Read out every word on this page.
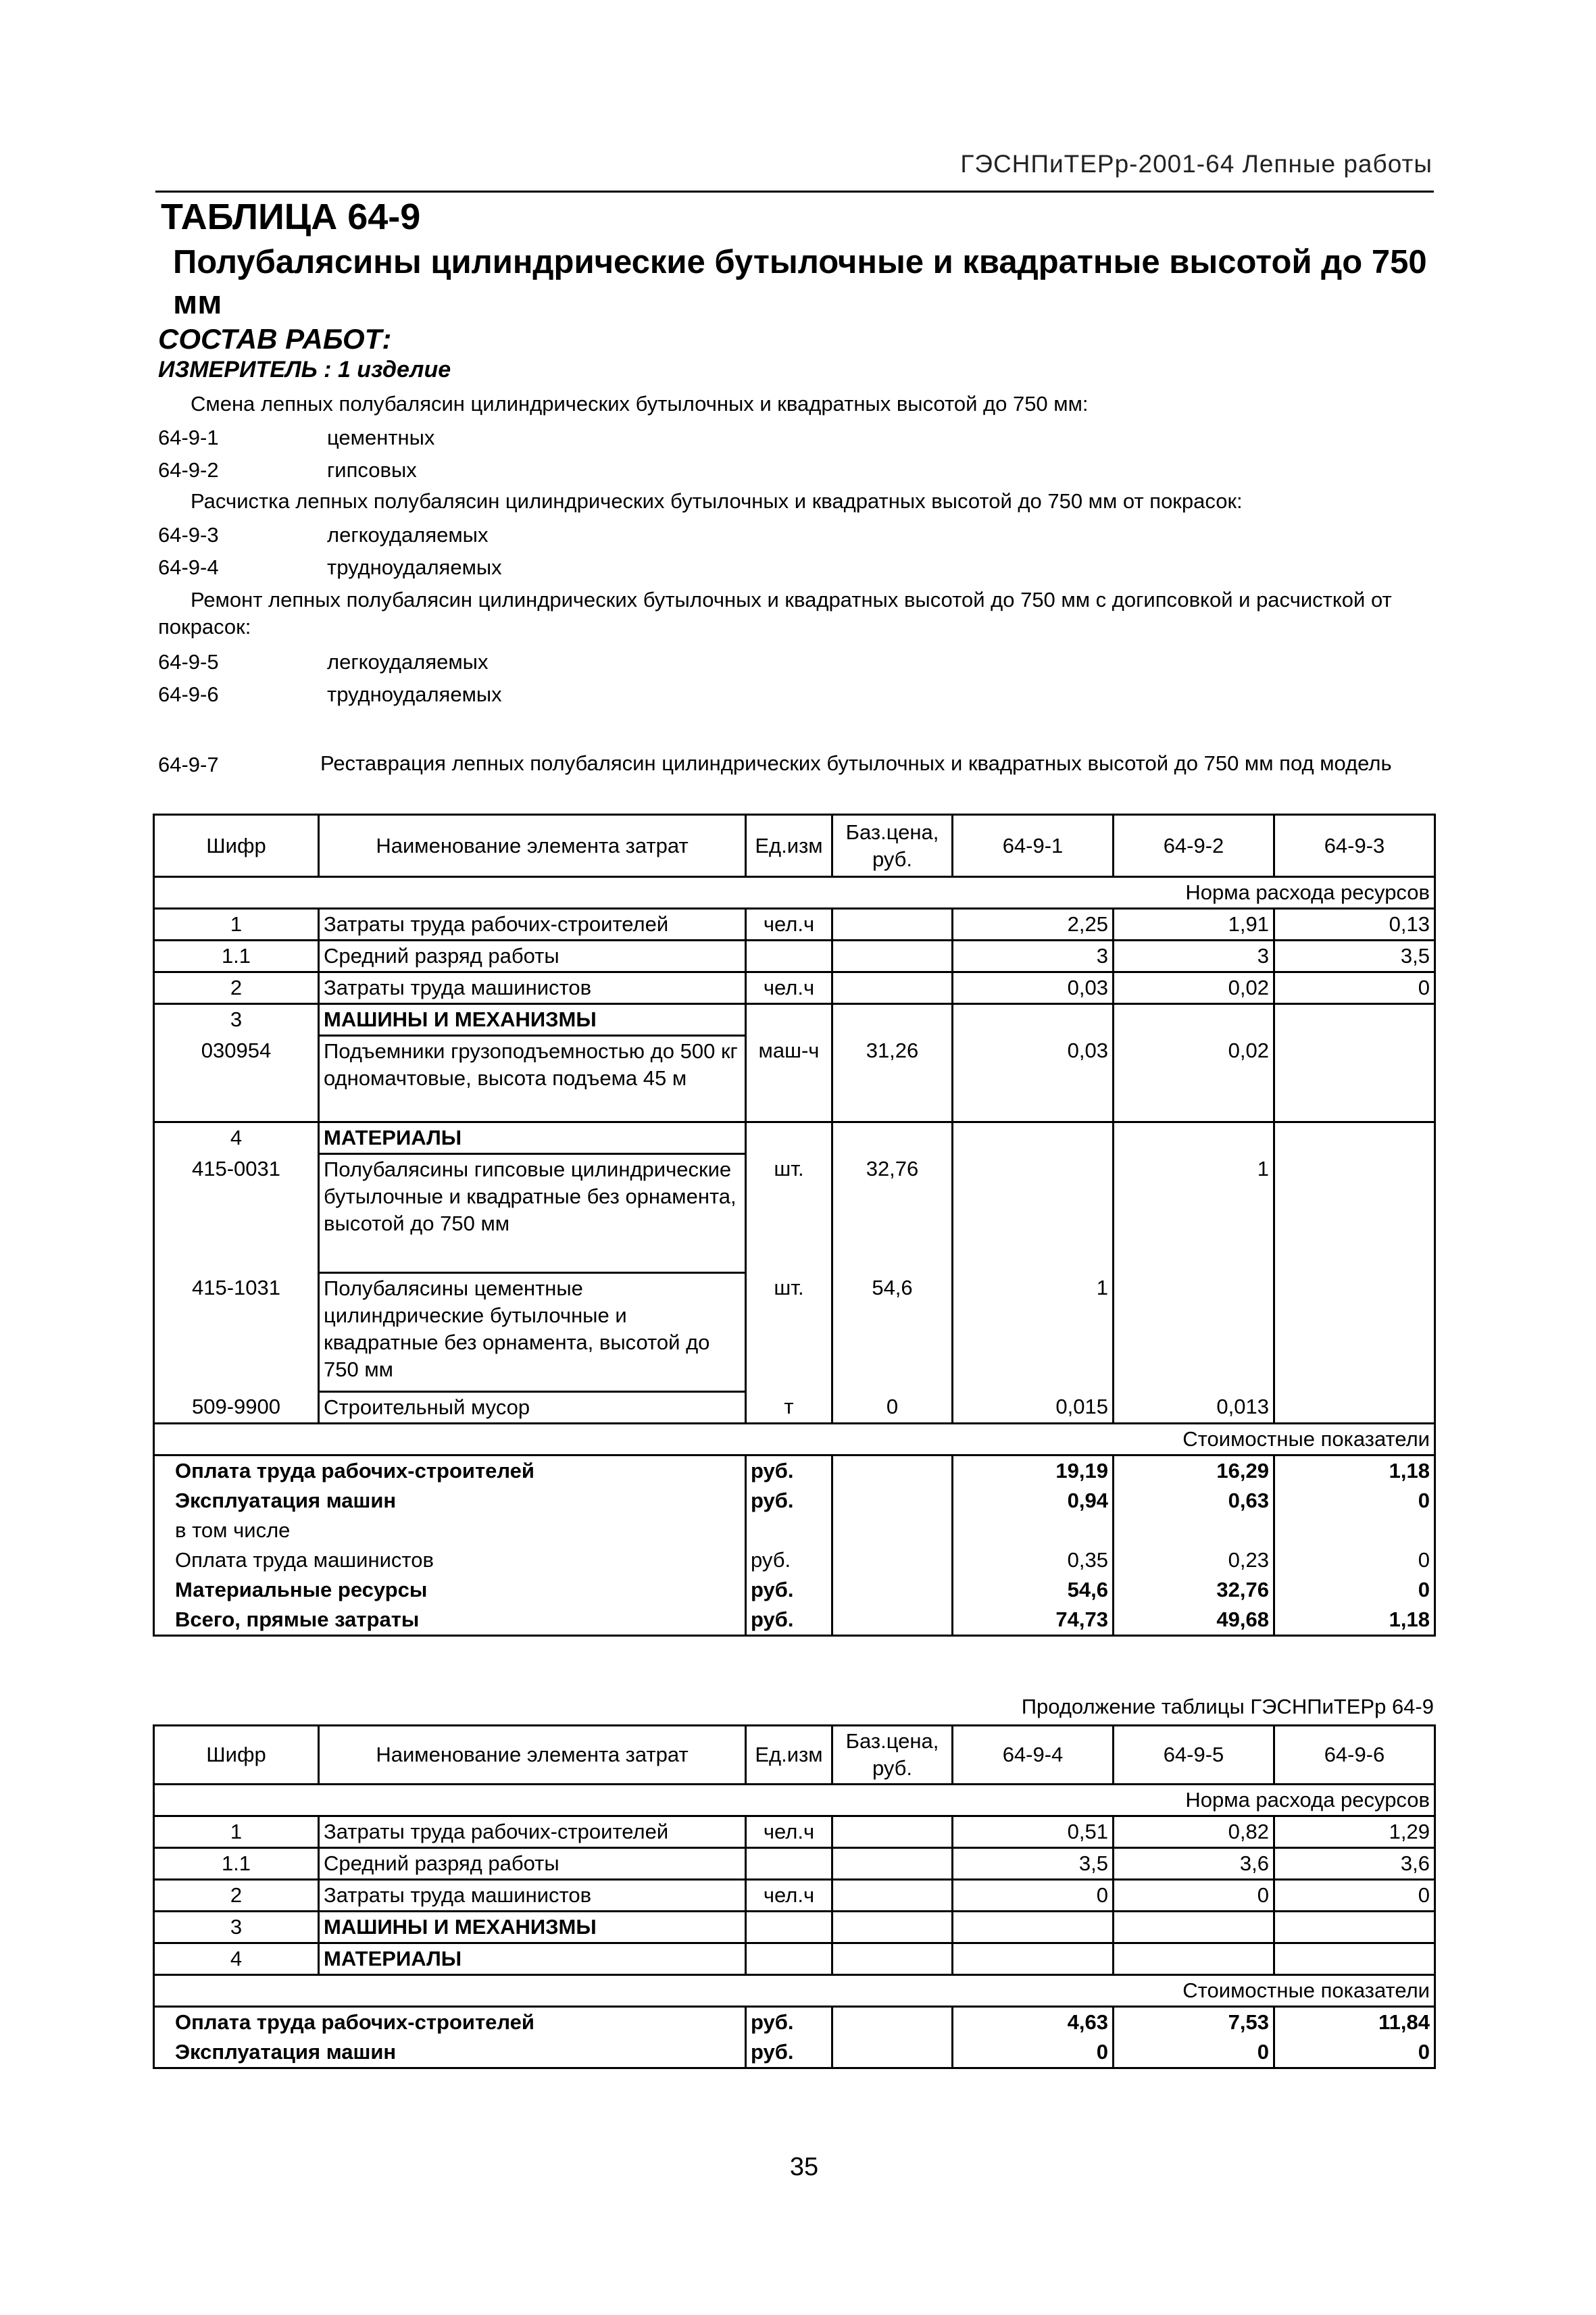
ГЭСНПиТЕРр-2001-64 Лепные работы
ТАБЛИЦА 64-9
Полубалясины цилиндрические бутылочные и квадратные высотой до 750 мм
СОСТАВ РАБОТ:
ИЗМЕРИТЕЛЬ : 1 изделие
Смена лепных полубалясин цилиндрических бутылочных и квадратных высотой до 750 мм:
64-9-1	цементных
64-9-2	гипсовых
Расчистка лепных полубалясин цилиндрических бутылочных и квадратных высотой до 750 мм от покрасок:
64-9-3	легкоудаляемых
64-9-4	трудноудаляемых
Ремонт лепных полубалясин цилиндрических бутылочных и квадратных высотой до 750 мм с догипсовкой и расчисткой от покрасок:
64-9-5	легкоудаляемых
64-9-6	трудноудаляемых
64-9-7	Реставрация лепных полубалясин цилиндрических бутылочных и квадратных высотой до 750 мм под модель
Шифр	Наименование элемента затрат	Ед.изм	Баз.цена, руб.	64-9-1	64-9-2	64-9-3
Норма расхода ресурсов						
1	Затраты труда рабочих-строителей	чел.ч		2,25	1,91	0,13
1.1	Средний разряд работы			3	3	3,5
2	Затраты труда машинистов	чел.ч		0,03	0,02	0
3	МАШИНЫ И МЕХАНИЗМЫ					
030954	Подъемники грузоподъемностью до 500 кг одномачтовые, высота подъема 45 м	маш-ч	31,26	0,03	0,02	
4	МАТЕРИАЛЫ					
415-0031	Полубалясины гипсовые цилиндрические бутылочные и квадратные без орнамента, высотой до 750 мм	шт.	32,76		1	
415-1031	Полубалясины цементные цилиндрические бутылочные и квадратные без орнамента, высотой до 750 мм	шт.	54,6	1		
509-9900	Строительный мусор	т	0	0,015	0,013	
Стоимостные показатели						
Оплата труда рабочих-строителей		руб.		19,19	16,29	1,18
Эксплуатация машин		руб.		0,94	0,63	0
в том числе						
Оплата труда машинистов		руб.		0,35	0,23	0
Материальные ресурсы		руб.		54,6	32,76	0
Всего, прямые затраты		руб.		74,73	49,68	1,18
Продолжение таблицы ГЭСНПиТЕРр 64-9
Шифр	Наименование элемента затрат	Ед.изм	Баз.цена, руб.	64-9-4	64-9-5	64-9-6
Норма расхода ресурсов						
1	Затраты труда рабочих-строителей	чел.ч		0,51	0,82	1,29
1.1	Средний разряд работы			3,5	3,6	3,6
2	Затраты труда машинистов	чел.ч		0	0	0
3	МАШИНЫ И МЕХАНИЗМЫ					
4	МАТЕРИАЛЫ					
Стоимостные показатели						
Оплата труда рабочих-строителей		руб.		4,63	7,53	11,84
Эксплуатация машин		руб.		0	0	0
35
